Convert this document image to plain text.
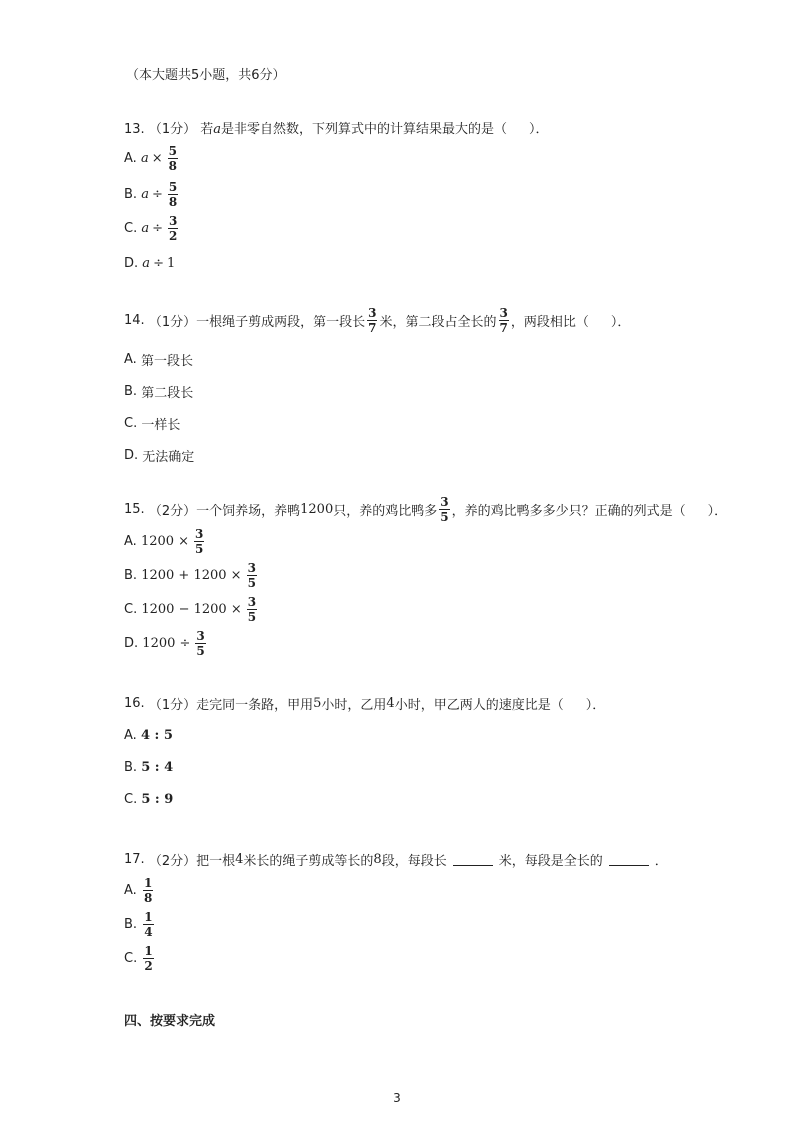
（本大题共5小题，共6分）
13. （1分） 若a是非零自然数，下列算式中的计算结果最大的是（ ）．
A.
$a \times \frac{5}{8}$
B.
$a \div \frac{5}{8}$
C.
$a \div \frac{3}{2}$
D.
a ÷ 1
14.
（1分） 一根绳子剪成两段，第一段长 $\frac{3}{7}$ 米，第二段占全长的 $\frac{3}{7}$ ，两段相比（ ）．
A.
第一段长
B.
第二段长
C.
一样长
D.
无法确定
15.
（2分） 一个饲养场，养鸭 1200 只，养的鸡比鸭多 $\frac{3}{5}$ ，养的鸡比鸭多多少只？正确的列式是（ ）．
A.
$1200 \times \frac{3}{5}$
B.
$1200 + 1200 \times \frac{3}{5}$
C.
$1200 - 1200 \times \frac{3}{5}$
D.
$1200 \div \frac{3}{5}$
16.
（1分） 走完同一条路，甲用 5 小时，乙用 4 小时，甲乙两人的速度比是（ ）．
A.
4 : 5
B.
5 : 4
C.
5 : 9
17.
（2分） 把一根 4 米长的绳子剪成等长的 8 段，每段长	米，每段是全长的	．
A.
$\frac{1}{8}$
B.
$\frac{1}{4}$
C.
$\frac{1}{2}$
四、按要求完成
3
